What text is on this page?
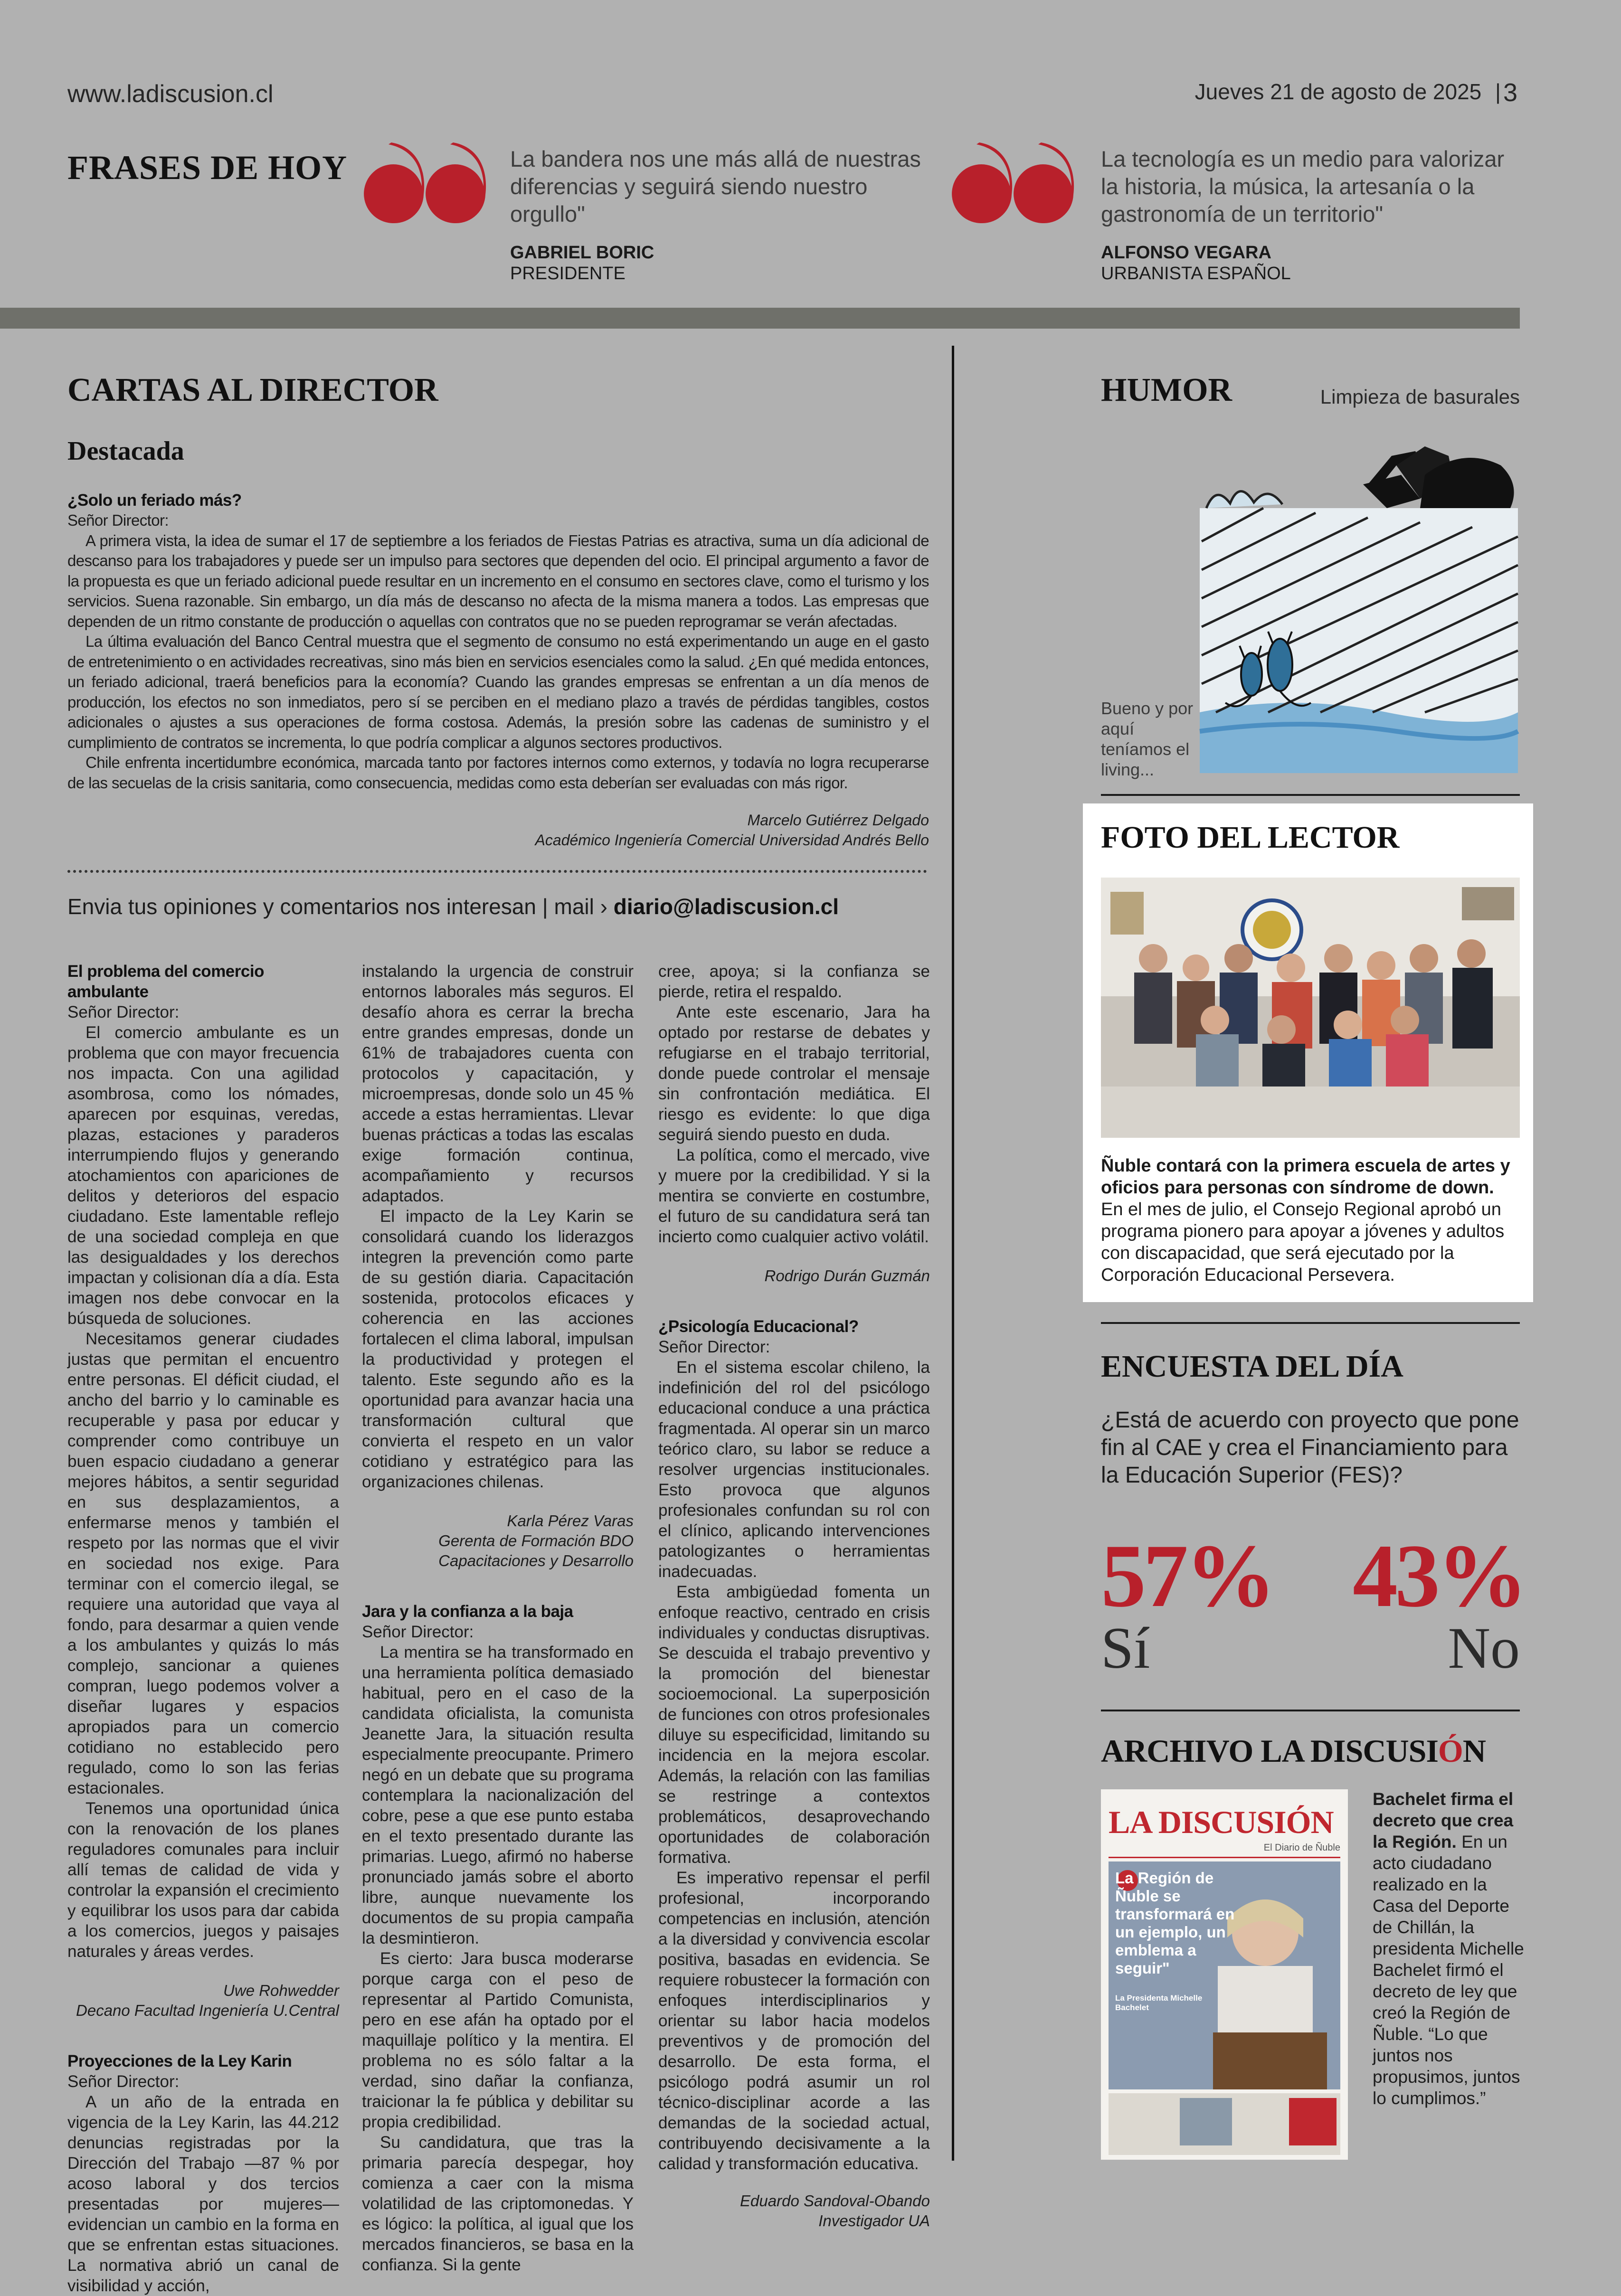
www.ladiscusion.cl	Jueves 21 de agosto de 2025 | 3
FRASES DE HOY	La bandera nos une más allá de nuestras diferencias y seguirá siendo nuestro orgullo"
GABRIEL BORIC
PRESIDENTE
La tecnología es un medio para valorizar la historia, la música, la artesanía o la gastronomía de un territorio"
ALFONSO VEGARA
URBANISTA ESPAÑOL
CARTAS AL DIRECTOR
Destacada
¿Solo un feriado más?

Señor Director:

A primera vista, la idea de sumar el 17 de septiembre a los feriados de Fiestas Patrias es atractiva, suma un día adicional de descanso para los trabajadores y puede ser un impulso para sectores que dependen del ocio. El principal argumento a favor de la propuesta es que un feriado adicional puede resultar en un incremento en el consumo en sectores clave, como el turismo y los servicios. Suena razonable. Sin embargo, un día más de descanso no afecta de la misma manera a todos. Las empresas que dependen de un ritmo constante de producción o aquellas con contratos que no se pueden reprogramar se verán afectadas.

La última evaluación del Banco Central muestra que el segmento de consumo no está experimentando un auge en el gasto de entretenimiento o en actividades recreativas, sino más bien en servicios esenciales como la salud. ¿En qué medida entonces, un feriado adicional, traerá beneficios para la economía? Cuando las grandes empresas se enfrentan a un día menos de producción, los efectos no son inmediatos, pero sí se perciben en el mediano plazo a través de pérdidas tangibles, costos adicionales o ajustes a sus operaciones de forma costosa. Además, la presión sobre las cadenas de suministro y el cumplimiento de contratos se incrementa, lo que podría complicar a algunos sectores productivos.

Chile enfrenta incertidumbre económica, marcada tanto por factores internos como externos, y todavía no logra recuperarse de las secuelas de la crisis sanitaria, como consecuencia, medidas como esta deberían ser evaluadas con más rigor.

Marcelo Gutiérrez Delgado
Académico Ingeniería Comercial Universidad Andrés Bello
Envia tus opiniones y comentarios nos interesan | mail › diario@ladiscusion.cl
El problema del comercio ambulante

Señor Director:

El comercio ambulante es un problema que con mayor frecuencia nos impacta. Con una agilidad asombrosa, como los nómades, aparecen por esquinas, veredas, plazas, estaciones y paraderos interrumpiendo flujos y generando atochamientos con apariciones de delitos y deterioros del espacio ciudadano. Este lamentable reflejo de una sociedad compleja en que las desigualdades y los derechos impactan y colisionan día a día. Esta imagen nos debe convocar en la búsqueda de soluciones.

Necesitamos generar ciudades justas que permitan el encuentro entre personas. El déficit ciudad, el ancho del barrio y lo caminable es recuperable y pasa por educar y comprender como contribuye un buen espacio ciudadano a generar mejores hábitos, a sentir seguridad en sus desplazamientos, a enfermarse menos y también el respeto por las normas que el vivir en sociedad nos exige. Para terminar con el comercio ilegal, se requiere una autoridad que vaya al fondo, para desarmar a quien vende a los ambulantes y quizás lo más complejo, sancionar a quienes compran, luego podemos volver a diseñar lugares y espacios apropiados para un comercio cotidiano no establecido pero regulado, como lo son las ferias estacionales.

Tenemos una oportunidad única con la renovación de los planes reguladores comunales para incluir allí temas de calidad de vida y controlar la expansión el crecimiento y equilibrar los usos para dar cabida a los comercios, juegos y paisajes naturales y áreas verdes.

Uwe Rohwedder
Decano Facultad Ingeniería U.Central
Proyecciones de la Ley Karin

Señor Director:

A un año de la entrada en vigencia de la Ley Karin, las 44.212 denuncias registradas por la Dirección del Trabajo —87 % por acoso laboral y dos tercios presentadas por mujeres— evidencian un cambio en la forma en que se enfrentan estas situaciones. La normativa abrió un canal de visibilidad y acción,

instalando la urgencia de construir entornos laborales más seguros. El desafío ahora es cerrar la brecha entre grandes empresas, donde un 61% de trabajadores cuenta con protocolos y capacitación, y microempresas, donde solo un 45 % accede a estas herramientas. Llevar buenas prácticas a todas las escalas exige formación continua, acompañamiento y recursos adaptados.

El impacto de la Ley Karin se consolidará cuando los liderazgos integren la prevención como parte de su gestión diaria. Capacitación sostenida, protocolos eficaces y coherencia en las acciones fortalecen el clima laboral, impulsan la productividad y protegen el talento. Este segundo año es la oportunidad para avanzar hacia una transformación cultural que convierta el respeto en un valor cotidiano y estratégico para las organizaciones chilenas.

Karla Pérez Varas
Gerenta de Formación BDO
Capacitaciones y Desarrollo
Jara y la confianza a la baja

Señor Director:

La mentira se ha transformado en una herramienta política demasiado habitual, pero en el caso de la candidata oficialista, la comunista Jeanette Jara, la situación resulta especialmente preocupante. Primero negó en un debate que su programa contemplara la nacionalización del cobre, pese a que ese punto estaba en el texto presentado durante las primarias. Luego, afirmó no haberse pronunciado jamás sobre el aborto libre, aunque nuevamente los documentos de su propia campaña la desmintieron.

Es cierto: Jara busca moderarse porque carga con el peso de representar al Partido Comunista, pero en ese afán ha optado por el maquillaje político y la mentira. El problema no es sólo faltar a la verdad, sino dañar la confianza, traicionar la fe pública y debilitar su propia credibilidad.

Su candidatura, que tras la primaria parecía despegar, hoy comienza a caer con la misma volatilidad de las criptomonedas. Y es lógico: la política, al igual que los mercados financieros, se basa en la confianza. Si la gente

cree, apoya; si la confianza se pierde, retira el respaldo.

Ante este escenario, Jara ha optado por restarse de debates y refugiarse en el trabajo territorial, donde puede controlar el mensaje sin confrontación mediática. El riesgo es evidente: lo que diga seguirá siendo puesto en duda.

La política, como el mercado, vive y muere por la credibilidad. Y si la mentira se convierte en costumbre, el futuro de su candidatura será tan incierto como cualquier activo volátil.

Rodrigo Durán Guzmán
¿Psicología Educacional?

Señor Director:

En el sistema escolar chileno, la indefinición del rol del psicólogo educacional conduce a una práctica fragmentada. Al operar sin un marco teórico claro, su labor se reduce a resolver urgencias institucionales. Esto provoca que algunos profesionales confundan su rol con el clínico, aplicando intervenciones patologizantes o herramientas inadecuadas.

Esta ambigüedad fomenta un enfoque reactivo, centrado en crisis individuales y conductas disruptivas. Se descuida el trabajo preventivo y la promoción del bienestar socioemocional. La superposición de funciones con otros profesionales diluye su especificidad, limitando su incidencia en la mejora escolar. Además, la relación con las familias se restringe a contextos problemáticos, desaprovechando oportunidades de colaboración formativa.

Es imperativo repensar el perfil profesional, incorporando competencias en inclusión, atención a la diversidad y convivencia escolar positiva, basadas en evidencia. Se requiere robustecer la formación con enfoques interdisciplinarios y orientar su labor hacia modelos preventivos y de promoción del desarrollo. De esta forma, el psicólogo podrá asumir un rol técnico-disciplinar acorde a las demandas de la sociedad actual, contribuyendo decisivamente a la calidad y transformación educativa.

Eduardo Sandoval-Obando
Investigador UA
HUMOR	Limpieza de basurales
Bueno y por aquí teníamos el living...
FOTO DEL LECTOR
Ñuble contará con la primera escuela de artes y oficios para personas con síndrome de down. En el mes de julio, el Consejo Regional aprobó un programa pionero para apoyar a jóvenes y adultos con discapacidad, que será ejecutado por la Corporación Educacional Persevera.
ENCUESTA DEL DÍA
¿Está de acuerdo con proyecto que pone fin al CAE y crea el Financiamiento para la Educación Superior (FES)?
57% 43%
Sí	No
ARCHIVO LA DISCUSIÓN
LA DISCUSIÓN
El Diario de Ñuble
La Región de Ñuble se transformará en un ejemplo, un emblema a seguir"
La Presidenta Michelle Bachelet
Bachelet firma el decreto que crea la Región. En un acto ciudadano realizado en la Casa del Deporte de Chillán, la presidenta Michelle Bachelet firmó el decreto de ley que creó la Región de Ñuble. “Lo que juntos nos propusimos, juntos lo cumplimos.”
